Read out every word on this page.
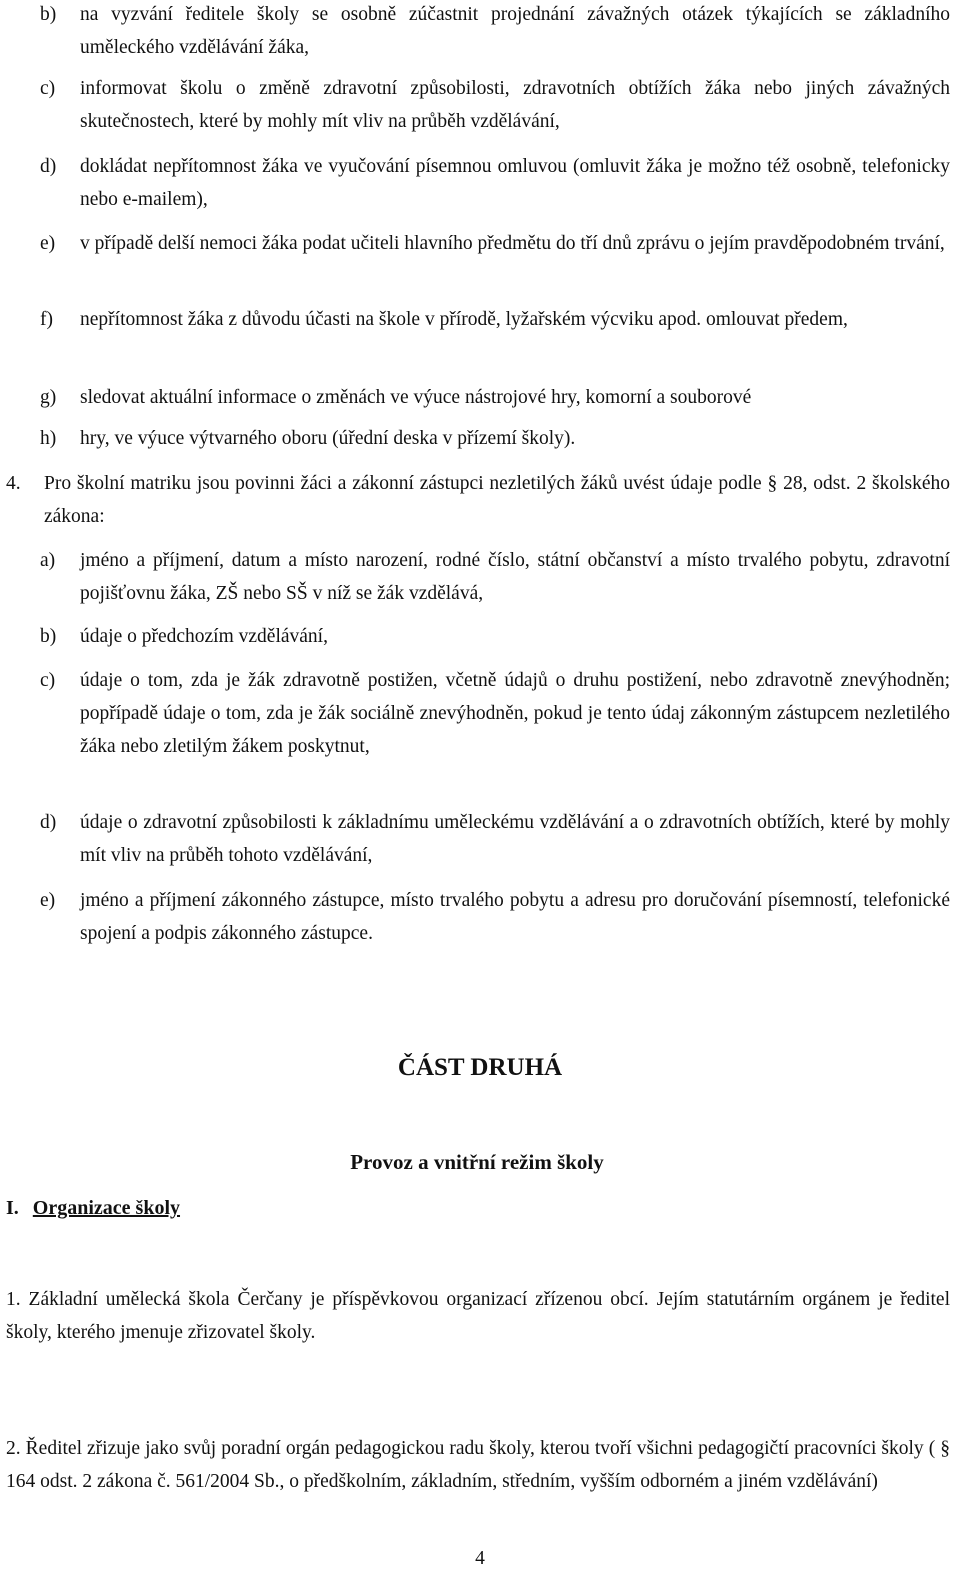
b) na vyzvání ředitele školy se osobně zúčastnit projednání závažných otázek týkajících se základního uměleckého vzdělávání žáka,
c) informovat školu o změně zdravotní způsobilosti, zdravotních obtížích žáka nebo jiných závažných skutečnostech, které by mohly mít vliv na průběh vzdělávání,
d) dokládat nepřítomnost žáka ve vyučování písemnou omluvou (omluvit žáka je možno též osobně, telefonicky nebo e-mailem),
e) v případě delší nemoci žáka podat učiteli hlavního předmětu do tří dnů zprávu o jejím pravděpodobném trvání,
f) nepřítomnost žáka z důvodu účasti na škole v přírodě, lyžařském výcviku apod. omlouvat předem,
g) sledovat aktuální informace o změnách ve výuce nástrojové hry, komorní a souborové
h) hry, ve výuce výtvarného oboru (úřední deska v přízemí školy).
4. Pro školní matriku jsou povinni žáci a zákonní zástupci nezletilých žáků uvést údaje podle § 28, odst. 2 školského zákona:
a) jméno a příjmení, datum a místo narození, rodné číslo, státní občanství a místo trvalého pobytu, zdravotní pojišťovnu žáka, ZŠ nebo SŠ v níž se žák vzdělává,
b) údaje o předchozím vzdělávání,
c) údaje o tom, zda je žák zdravotně postižen, včetně údajů o druhu postižení, nebo zdravotně znevýhodněn; popřípadě údaje o tom, zda je žák sociálně znevýhodněn, pokud je tento údaj zákonným zástupcem nezletilého žáka nebo zletilým žákem poskytnut,
d) údaje o zdravotní způsobilosti k základnímu uměleckému vzdělávání a o zdravotních obtížích, které by mohly mít vliv na průběh tohoto vzdělávání,
e) jméno a příjmení zákonného zástupce, místo trvalého pobytu a adresu pro doručování písemností, telefonické spojení a podpis zákonného zástupce.
ČÁST DRUHÁ
Provoz a vnitřní režim školy
I. Organizace školy
1. Základní umělecká škola Čerčany je příspěvkovou organizací zřízenou obcí. Jejím statutárním orgánem je ředitel školy, kterého jmenuje zřizovatel školy.
2. Ředitel zřizuje jako svůj poradní orgán pedagogickou radu školy, kterou tvoří všichni pedagogičtí pracovníci školy ( § 164 odst. 2 zákona č. 561/2004 Sb., o předškolním, základním, středním, vyšším odborném a jiném vzdělávání)
4
